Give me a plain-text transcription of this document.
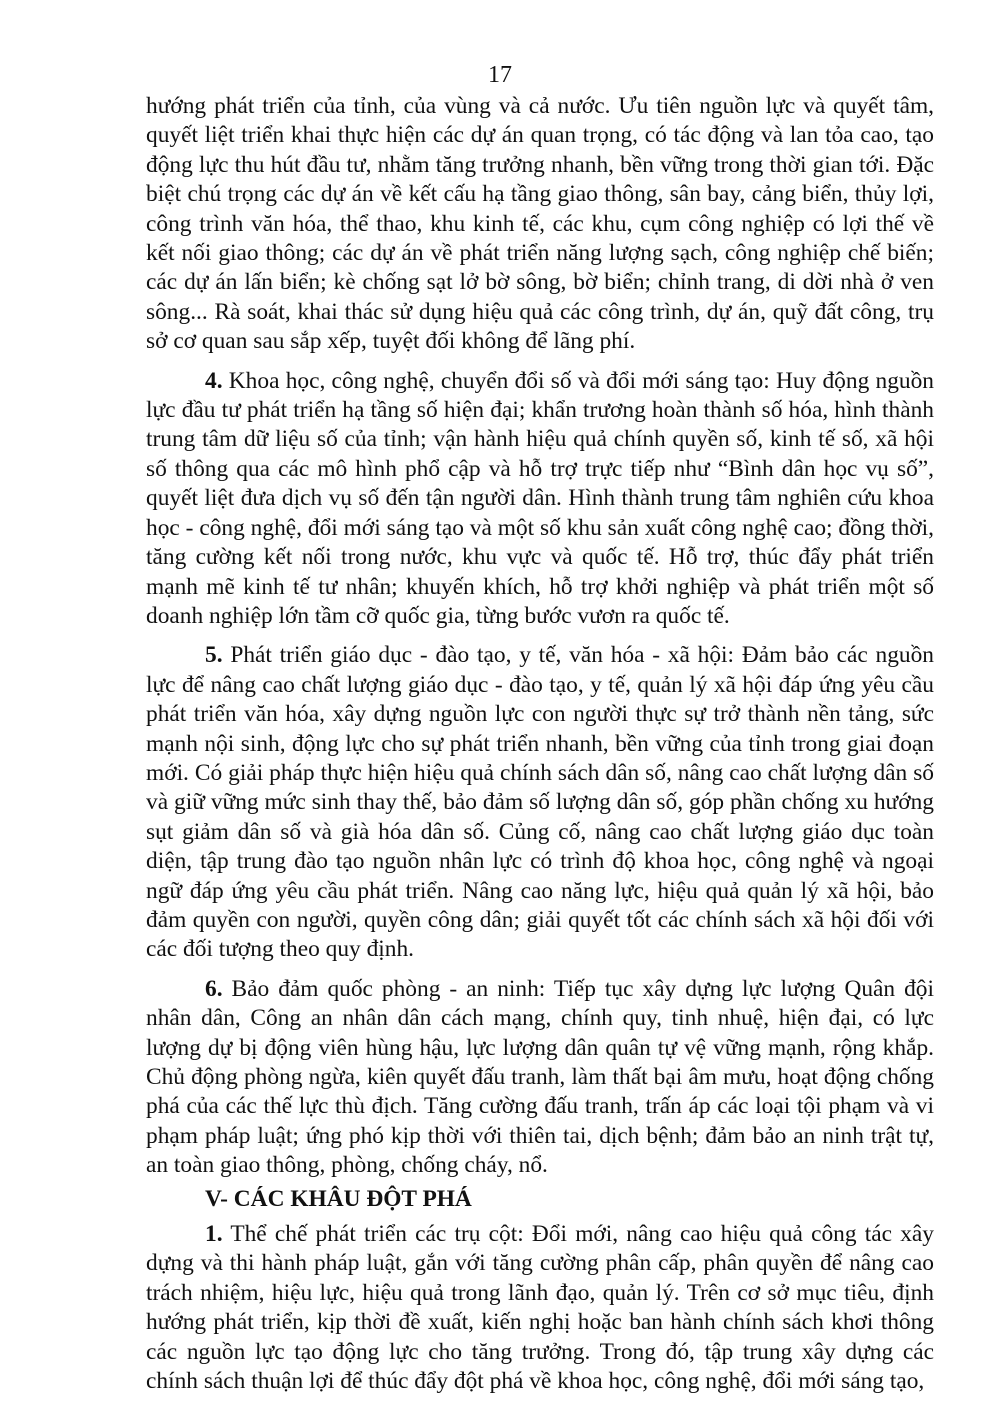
17

hướng phát triển của tỉnh, của vùng và cả nước. Ưu tiên nguồn lực và quyết tâm, quyết liệt triển khai thực hiện các dự án quan trọng, có tác động và lan tỏa cao, tạo động lực thu hút đầu tư, nhằm tăng trưởng nhanh, bền vững trong thời gian tới. Đặc biệt chú trọng các dự án về kết cấu hạ tầng giao thông, sân bay, cảng biển, thủy lợi, công trình văn hóa, thể thao, khu kinh tế, các khu, cụm công nghiệp có lợi thế về kết nối giao thông; các dự án về phát triển năng lượng sạch, công nghiệp chế biến; các dự án lấn biển; kè chống sạt lở bờ sông, bờ biển; chỉnh trang, di dời nhà ở ven sông... Rà soát, khai thác sử dụng hiệu quả các công trình, dự án, quỹ đất công, trụ sở cơ quan sau sắp xếp, tuyệt đối không để lãng phí.

4. Khoa học, công nghệ, chuyển đổi số và đổi mới sáng tạo: Huy động nguồn lực đầu tư phát triển hạ tầng số hiện đại; khẩn trương hoàn thành số hóa, hình thành trung tâm dữ liệu số của tỉnh; vận hành hiệu quả chính quyền số, kinh tế số, xã hội số thông qua các mô hình phổ cập và hỗ trợ trực tiếp như “Bình dân học vụ số”, quyết liệt đưa dịch vụ số đến tận người dân. Hình thành trung tâm nghiên cứu khoa học - công nghệ, đổi mới sáng tạo và một số khu sản xuất công nghệ cao; đồng thời, tăng cường kết nối trong nước, khu vực và quốc tế. Hỗ trợ, thúc đẩy phát triển mạnh mẽ kinh tế tư nhân; khuyến khích, hỗ trợ khởi nghiệp và phát triển một số doanh nghiệp lớn tầm cỡ quốc gia, từng bước vươn ra quốc tế.

5. Phát triển giáo dục - đào tạo, y tế, văn hóa - xã hội: Đảm bảo các nguồn lực để nâng cao chất lượng giáo dục - đào tạo, y tế, quản lý xã hội đáp ứng yêu cầu phát triển văn hóa, xây dựng nguồn lực con người thực sự trở thành nền tảng, sức mạnh nội sinh, động lực cho sự phát triển nhanh, bền vững của tỉnh trong giai đoạn mới. Có giải pháp thực hiện hiệu quả chính sách dân số, nâng cao chất lượng dân số và giữ vững mức sinh thay thế, bảo đảm số lượng dân số, góp phần chống xu hướng sụt giảm dân số và già hóa dân số. Củng cố, nâng cao chất lượng giáo dục toàn diện, tập trung đào tạo nguồn nhân lực có trình độ khoa học, công nghệ và ngoại ngữ đáp ứng yêu cầu phát triển. Nâng cao năng lực, hiệu quả quản lý xã hội, bảo đảm quyền con người, quyền công dân; giải quyết tốt các chính sách xã hội đối với các đối tượng theo quy định.

6. Bảo đảm quốc phòng - an ninh: Tiếp tục xây dựng lực lượng Quân đội nhân dân, Công an nhân dân cách mạng, chính quy, tinh nhuệ, hiện đại, có lực lượng dự bị động viên hùng hậu, lực lượng dân quân tự vệ vững mạnh, rộng khắp. Chủ động phòng ngừa, kiên quyết đấu tranh, làm thất bại âm mưu, hoạt động chống phá của các thế lực thù địch. Tăng cường đấu tranh, trấn áp các loại tội phạm và vi phạm pháp luật; ứng phó kịp thời với thiên tai, dịch bệnh; đảm bảo an ninh trật tự, an toàn giao thông, phòng, chống cháy, nổ.

V- CÁC KHÂU ĐỘT PHÁ

1. Thể chế phát triển các trụ cột: Đổi mới, nâng cao hiệu quả công tác xây dựng và thi hành pháp luật, gắn với tăng cường phân cấp, phân quyền để nâng cao trách nhiệm, hiệu lực, hiệu quả trong lãnh đạo, quản lý. Trên cơ sở mục tiêu, định hướng phát triển, kịp thời đề xuất, kiến nghị hoặc ban hành chính sách khơi thông các nguồn lực tạo động lực cho tăng trưởng. Trong đó, tập trung xây dựng các chính sách thuận lợi để thúc đẩy đột phá về khoa học, công nghệ, đổi mới sáng tạo,
